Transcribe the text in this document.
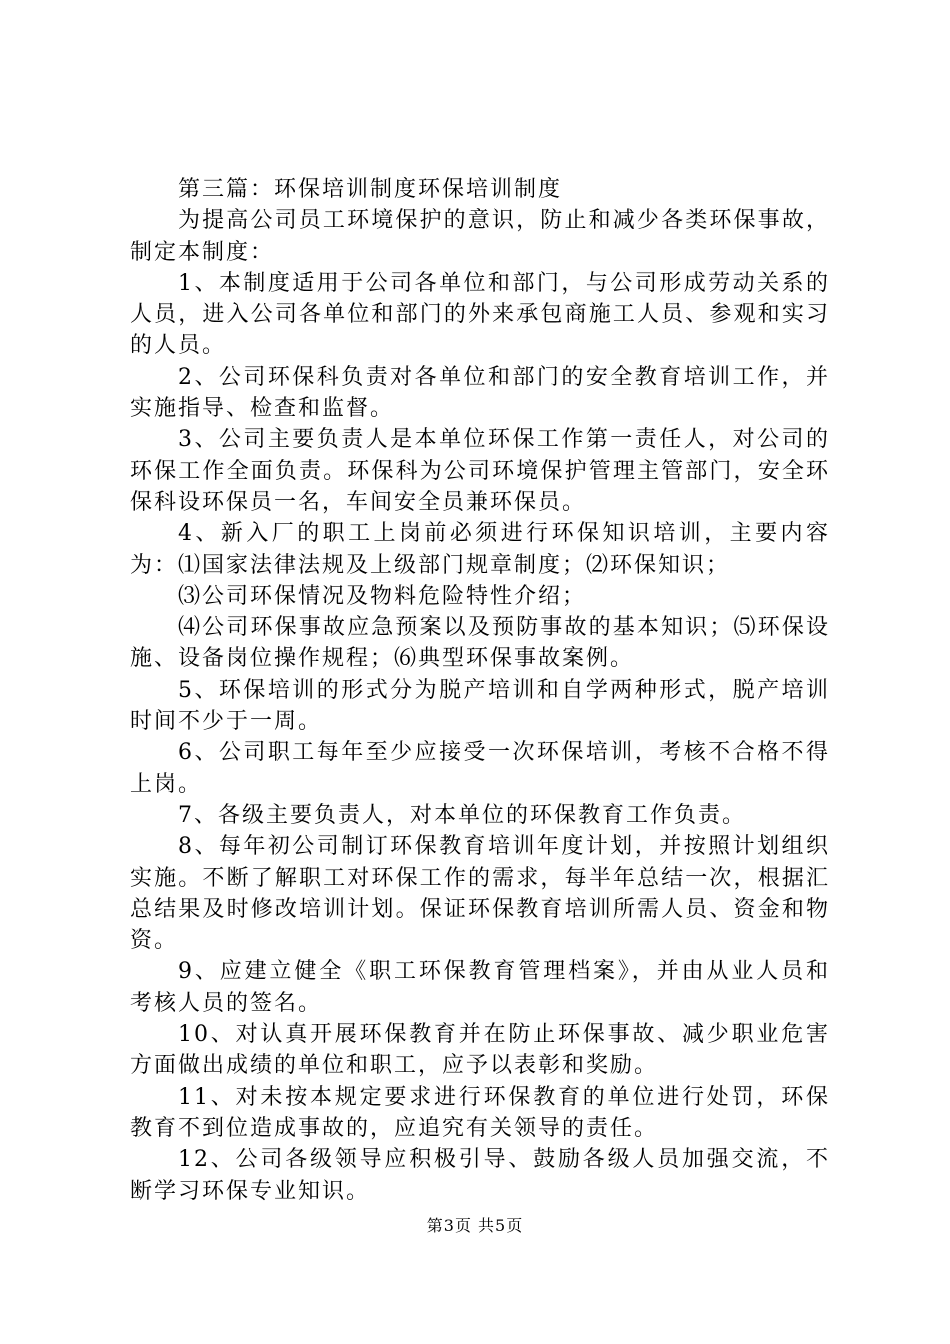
第三篇：环保培训制度环保培训制度

为提高公司员工环境保护的意识，防止和减少各类环保事故，制定本制度：

1、本制度适用于公司各单位和部门，与公司形成劳动关系的人员，进入公司各单位和部门的外来承包商施工人员、参观和实习的人员。

2、公司环保科负责对各单位和部门的安全教育培训工作，并实施指导、检查和监督。

3、公司主要负责人是本单位环保工作第一责任人，对公司的环保工作全面负责。环保科为公司环境保护管理主管部门，安全环保科设环保员一名，车间安全员兼环保员。

4、新入厂的职工上岗前必须进行环保知识培训，主要内容为：⑴国家法律法规及上级部门规章制度；⑵环保知识；

⑶公司环保情况及物料危险特性介绍；

⑷公司环保事故应急预案以及预防事故的基本知识；⑸环保设施、设备岗位操作规程；⑹典型环保事故案例。

5、环保培训的形式分为脱产培训和自学两种形式，脱产培训时间不少于一周。

6、公司职工每年至少应接受一次环保培训，考核不合格不得上岗。

7、各级主要负责人，对本单位的环保教育工作负责。

8、每年初公司制订环保教育培训年度计划，并按照计划组织实施。不断了解职工对环保工作的需求，每半年总结一次，根据汇总结果及时修改培训计划。保证环保教育培训所需人员、资金和物资。

9、应建立健全《职工环保教育管理档案》，并由从业人员和考核人员的签名。

10、对认真开展环保教育并在防止环保事故、减少职业危害方面做出成绩的单位和职工，应予以表彰和奖励。

11、对未按本规定要求进行环保教育的单位进行处罚，环保教育不到位造成事故的，应追究有关领导的责任。

12、公司各级领导应积极引导、鼓励各级人员加强交流，不断学习环保专业知识。

第3页 共5页
